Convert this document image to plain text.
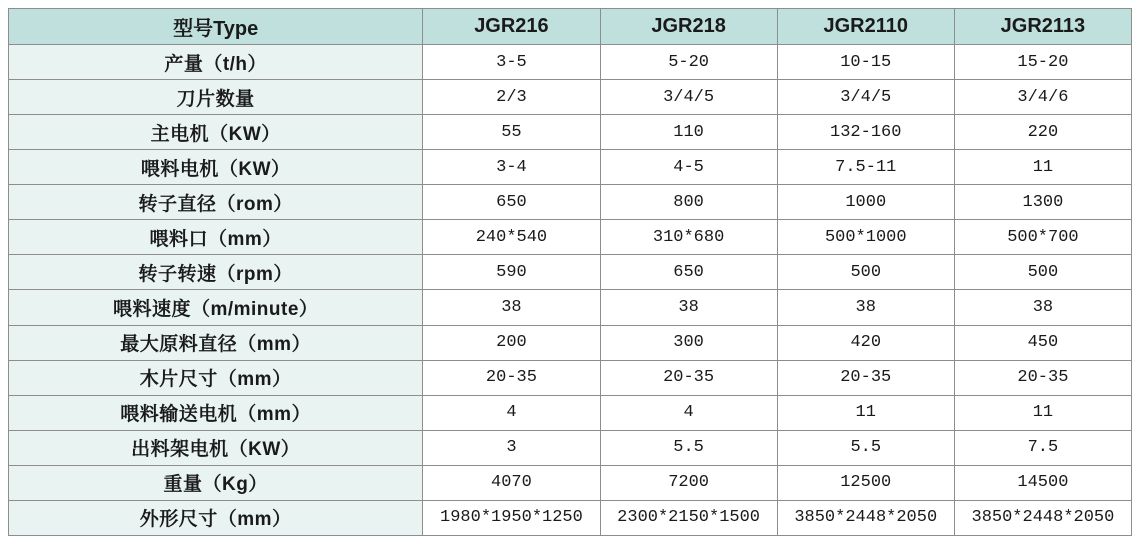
型号Type	JGR216	JGR218	JGR2110	JGR2113
产量（t/h）	3-5	5-20	10-15	15-20
刀片数量	2/3	3/4/5	3/4/5	3/4/6
主电机（KW）	55	110	132-160	220
喂料电机（KW）	3-4	4-5	7.5-11	11
转子直径（rom）	650	800	1000	1300
喂料口（mm）	240*540	310*680	500*1000	500*700
转子转速（rpm）	590	650	500	500
喂料速度（m/minute）	38	38	38	38
最大原料直径（mm）	200	300	420	450
木片尺寸（mm）	20-35	20-35	20-35	20-35
喂料输送电机（mm）	4	4	11	11
出料架电机（KW）	3	5.5	5.5	7.5
重量（Kg）	4070	7200	12500	14500
外形尺寸（mm）	1980*1950*1250	2300*2150*1500	3850*2448*2050	3850*2448*2050
